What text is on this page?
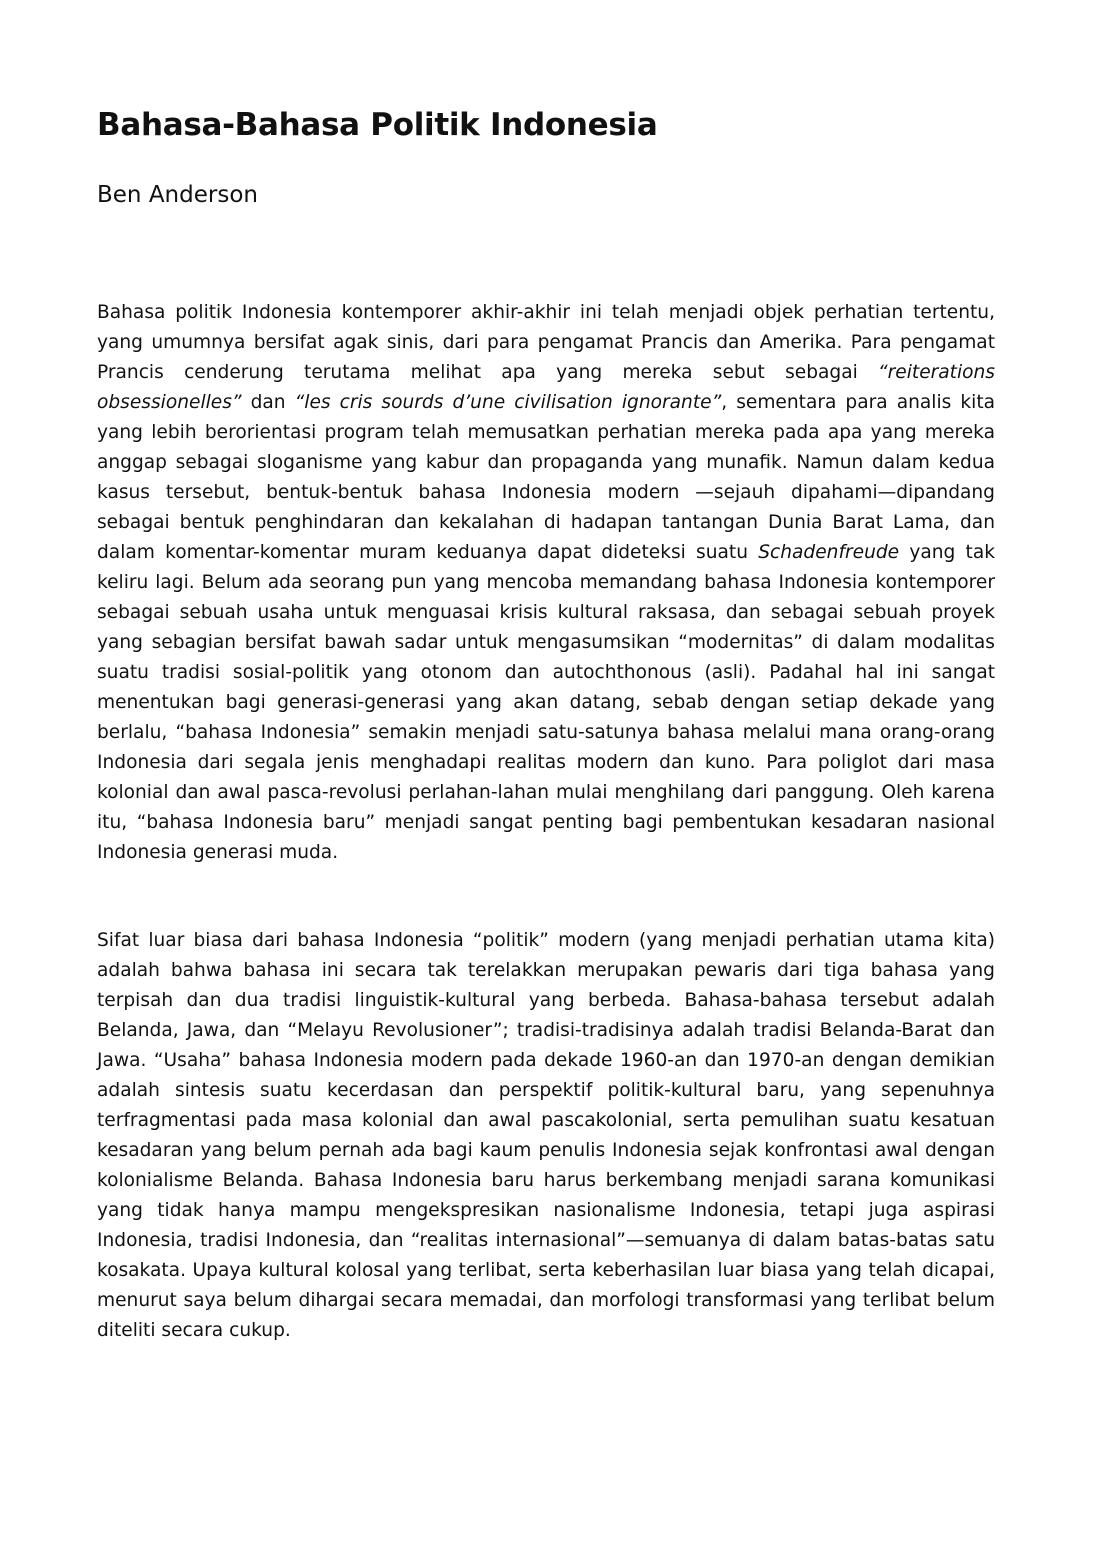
Bahasa-Bahasa Politik Indonesia
Ben Anderson

Bahasa politik Indonesia kontemporer akhir-akhir ini telah menjadi objek perhatian tertentu, yang umumnya bersifat agak sinis, dari para pengamat Prancis dan Amerika. Para pengamat Prancis cenderung terutama melihat apa yang mereka sebut sebagai “reiterations obsessionelles” dan “les cris sourds d’une civilisation ignorante”, sementara para analis kita yang lebih berorientasi program telah memusatkan perhatian mereka pada apa yang mereka anggap sebagai sloganisme yang kabur dan propaganda yang munafik. Namun dalam kedua kasus tersebut, bentuk-bentuk bahasa Indonesia modern —sejauh dipahami—dipandang sebagai bentuk penghindaran dan kekalahan di hadapan tantangan Dunia Barat Lama, dan dalam komentar-komentar muram keduanya dapat dideteksi suatu Schadenfreude yang tak keliru lagi. Belum ada seorang pun yang mencoba memandang bahasa Indonesia kontemporer sebagai sebuah usaha untuk menguasai krisis kultural raksasa, dan sebagai sebuah proyek yang sebagian bersifat bawah sadar untuk mengasumsikan “modernitas” di dalam modalitas suatu tradisi sosial-politik yang otonom dan autochthonous (asli). Padahal hal ini sangat menentukan bagi generasi-generasi yang akan datang, sebab dengan setiap dekade yang berlalu, “bahasa Indonesia” semakin menjadi satu-satunya bahasa melalui mana orang-orang Indonesia dari segala jenis menghadapi realitas modern dan kuno. Para poliglot dari masa kolonial dan awal pasca-revolusi perlahan-lahan mulai menghilang dari panggung. Oleh karena itu, “bahasa Indonesia baru” menjadi sangat penting bagi pembentukan kesadaran nasional Indonesia generasi muda.

Sifat luar biasa dari bahasa Indonesia “politik” modern (yang menjadi perhatian utama kita) adalah bahwa bahasa ini secara tak terelakkan merupakan pewaris dari tiga bahasa yang terpisah dan dua tradisi linguistik-kultural yang berbeda. Bahasa-bahasa tersebut adalah Belanda, Jawa, dan “Melayu Revolusioner”; tradisi-tradisinya adalah tradisi Belanda-Barat dan Jawa. “Usaha” bahasa Indonesia modern pada dekade 1960-an dan 1970-an dengan demikian adalah sintesis suatu kecerdasan dan perspektif politik-kultural baru, yang sepenuhnya terfragmentasi pada masa kolonial dan awal pascakolonial, serta pemulihan suatu kesatuan kesadaran yang belum pernah ada bagi kaum penulis Indonesia sejak konfrontasi awal dengan kolonialisme Belanda. Bahasa Indonesia baru harus berkembang menjadi sarana komunikasi yang tidak hanya mampu mengekspresikan nasionalisme Indonesia, tetapi juga aspirasi Indonesia, tradisi Indonesia, dan “realitas internasional”—semuanya di dalam batas-batas satu kosakata. Upaya kultural kolosal yang terlibat, serta keberhasilan luar biasa yang telah dicapai, menurut saya belum dihargai secara memadai, dan morfologi transformasi yang terlibat belum diteliti secara cukup.
